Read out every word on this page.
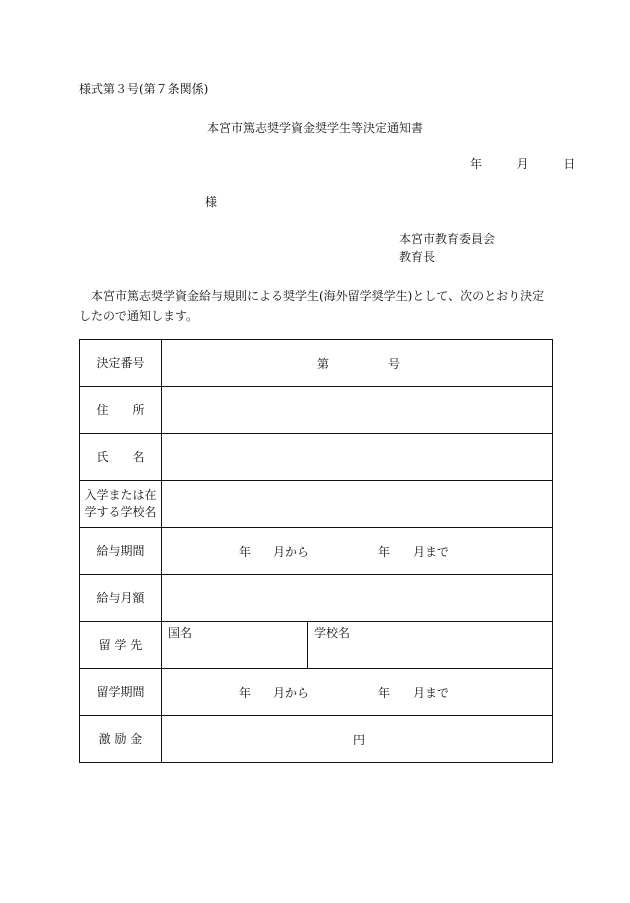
様式第３号(第７条関係)
本宮市篤志奨学資金奨学生等決定通知書
年	月	日
様
本宮市教育委員会
教育長
本宮市篤志奨学資金給与規則による奨学生(海外留学奨学生)として、次のとおり決定したので通知します。
決定番号	第 号

住　　所	
氏　　名	
入学または在学する学校名	
給与期間	年 月から 年 月まで

給与月額	
留 学 先	国名 学校名

留学期間	年 月から 年 月まで

激 励 金	円
